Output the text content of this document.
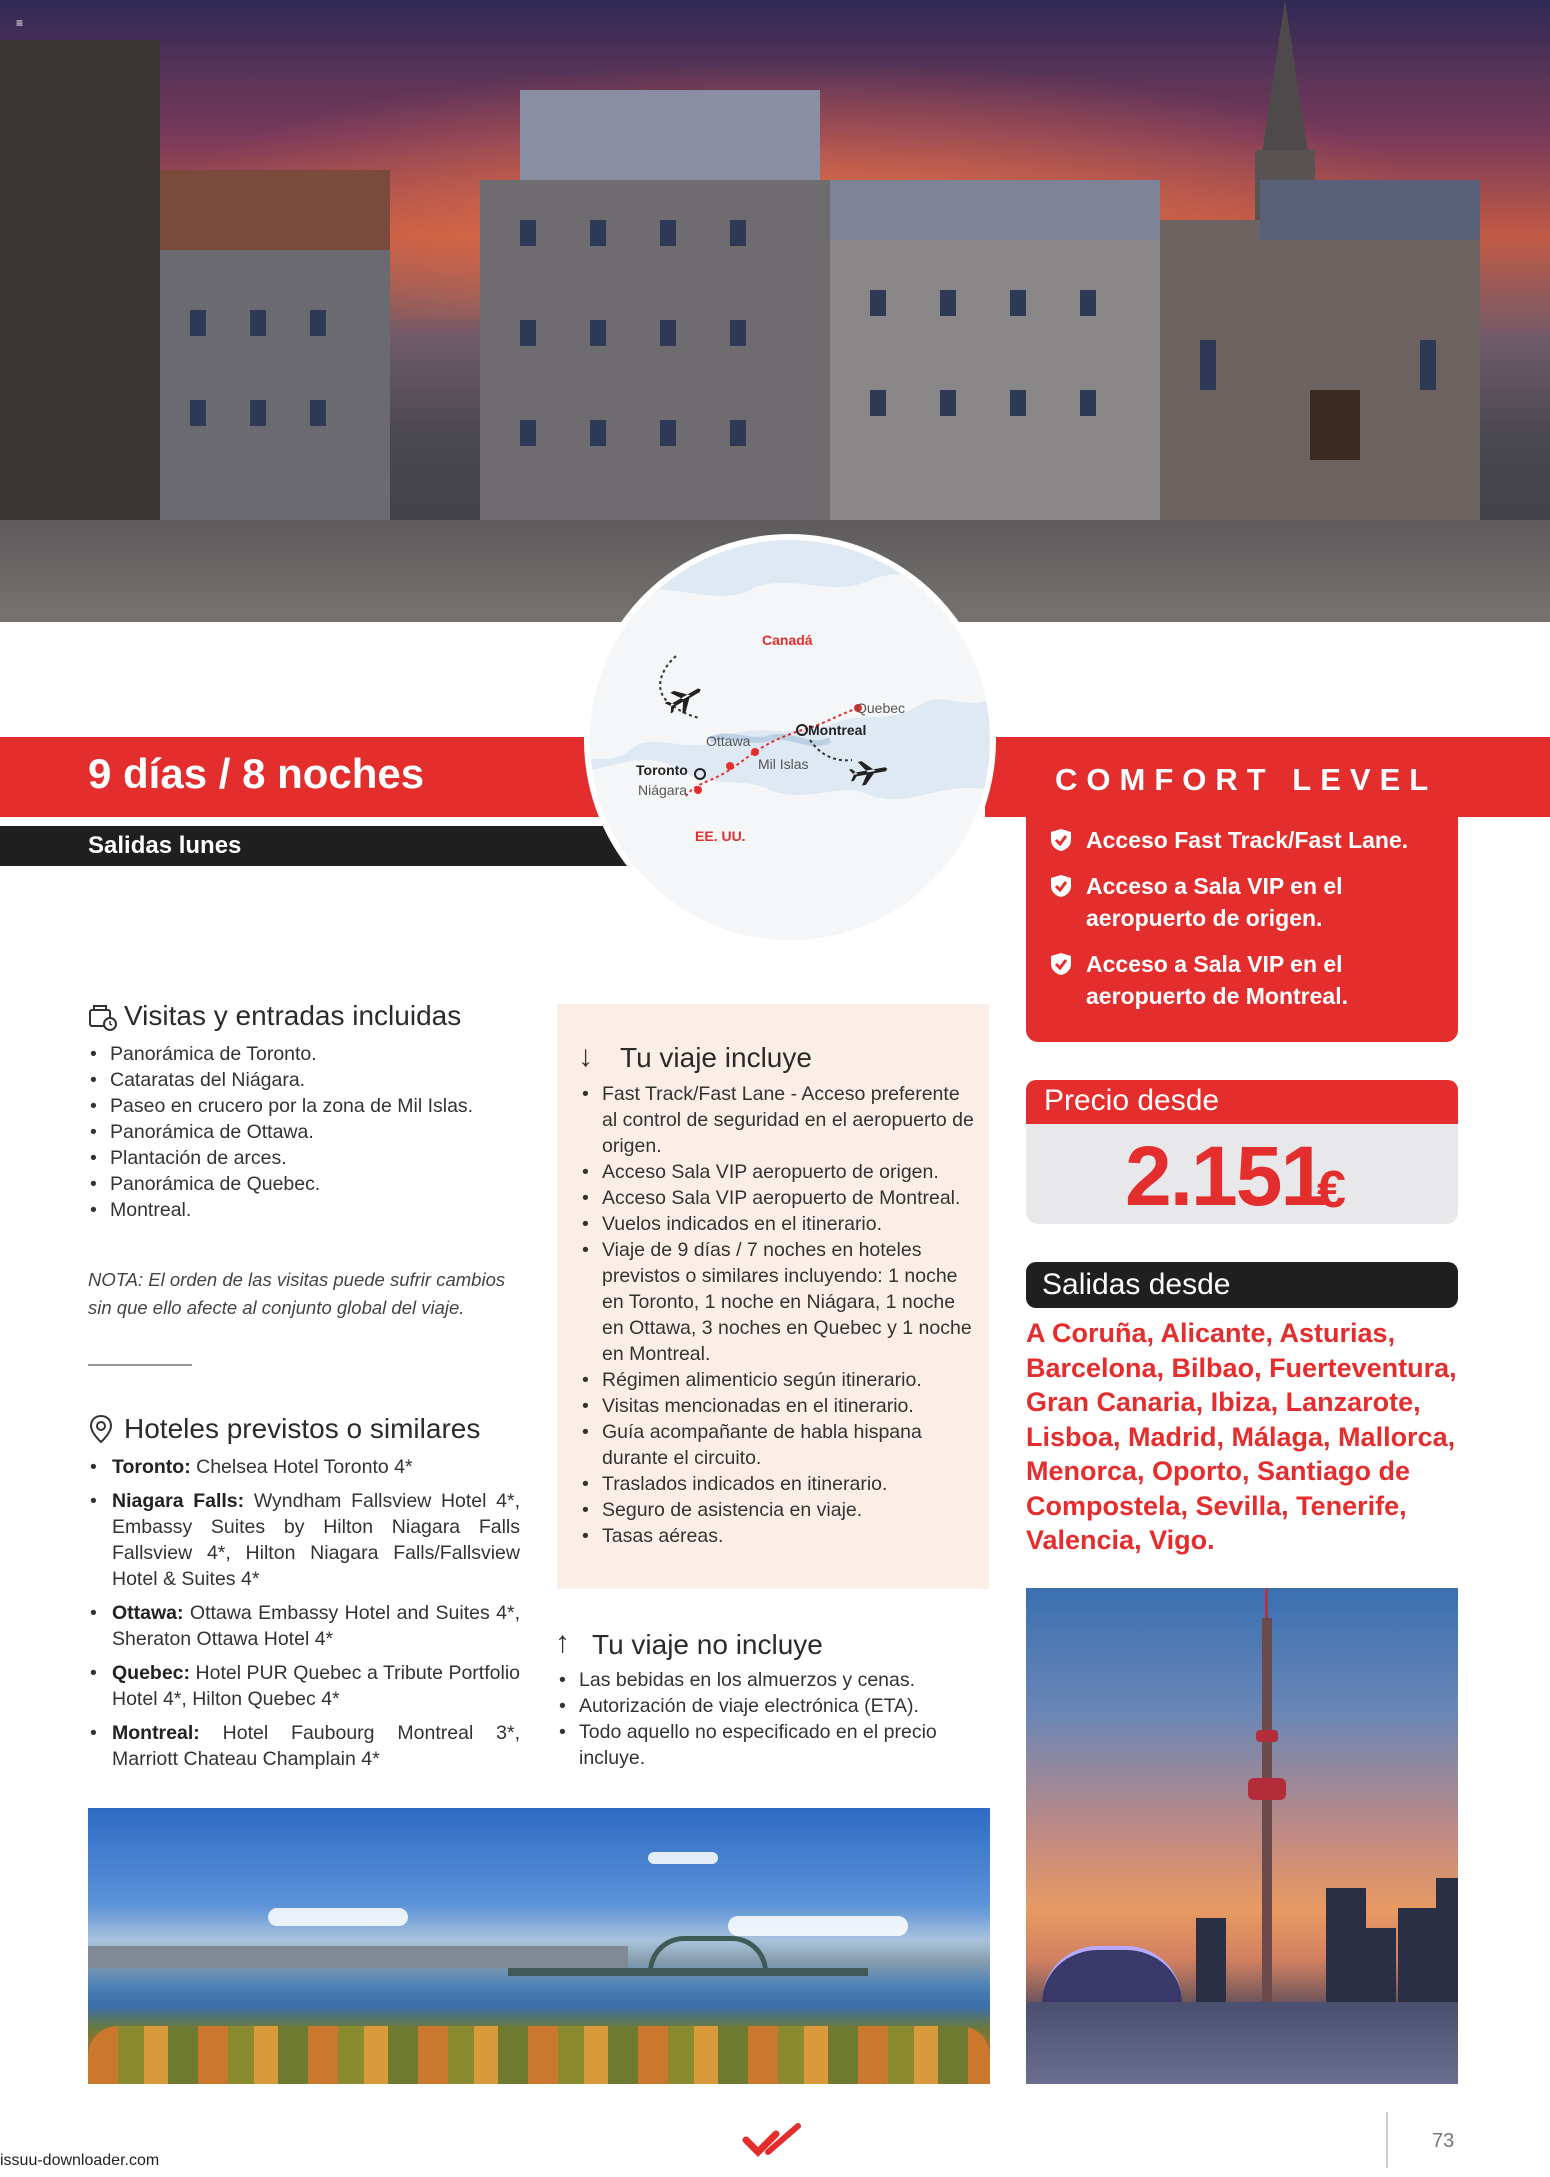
≡
9 días / 8 noches
Salidas lunes
COMFORT LEVEL
Canadá
EE. UU.
Quebec
Montreal
Ottawa
Mil Islas
Toronto
Niágara
Acceso Fast Track/Fast Lane.
Acceso a Sala VIP en el aeropuerto de origen.
Acceso a Sala VIP en el aeropuerto de Montreal.
Precio desde
2.151
€
Salidas desde
A Coruña, Alicante, Asturias, Barcelona, Bilbao, Fuerteventura, Gran Canaria, Ibiza, Lanzarote, Lisboa, Madrid, Málaga, Mallorca, Menorca, Oporto, Santiago de Compostela, Sevilla, Tenerife, Valencia, Vigo.
Visitas y entradas incluidas
• Panorámica de Toronto.
• Cataratas del Niágara.
• Paseo en crucero por la zona de Mil Islas.
• Panorámica de Ottawa.
• Plantación de arces.
• Panorámica de Quebec.
• Montreal.
NOTA: El orden de las visitas puede sufrir cambios sin que ello afecte al conjunto global del viaje.
Hoteles previstos o similares
• Toronto: Chelsea Hotel Toronto 4*
• Niagara Falls: Wyndham Fallsview Hotel 4*, Embassy Suites by Hilton Niagara Falls Fallsview 4*, Hilton Niagara Falls/Fallsview Hotel & Suites 4*
• Ottawa: Ottawa Embassy Hotel and Suites 4*, Sheraton Ottawa Hotel 4*
• Quebec: Hotel PUR Quebec a Tribute Portfolio Hotel 4*, Hilton Quebec 4*
• Montreal: Hotel Faubourg Montreal 3*, Marriott Chateau Champlain 4*
↓ Tu viaje incluye
• Fast Track/Fast Lane - Acceso preferente al control de seguridad en el aeropuerto de origen.
• Acceso Sala VIP aeropuerto de origen.
• Acceso Sala VIP aeropuerto de Montreal.
• Vuelos indicados en el itinerario.
• Viaje de 9 días / 7 noches en hoteles previstos o similares incluyendo: 1 noche en Toronto, 1 noche en Niágara, 1 noche en Ottawa, 3 noches en Quebec y 1 noche en Montreal.
• Régimen alimenticio según itinerario.
• Visitas mencionadas en el itinerario.
• Guía acompañante de habla hispana durante el circuito.
• Traslados indicados en itinerario.
• Seguro de asistencia en viaje.
• Tasas aéreas.
↑ Tu viaje no incluye
• Las bebidas en los almuerzos y cenas.
• Autorización de viaje electrónica (ETA).
• Todo aquello no especificado en el precio incluye.
73
issuu-downloader.com
